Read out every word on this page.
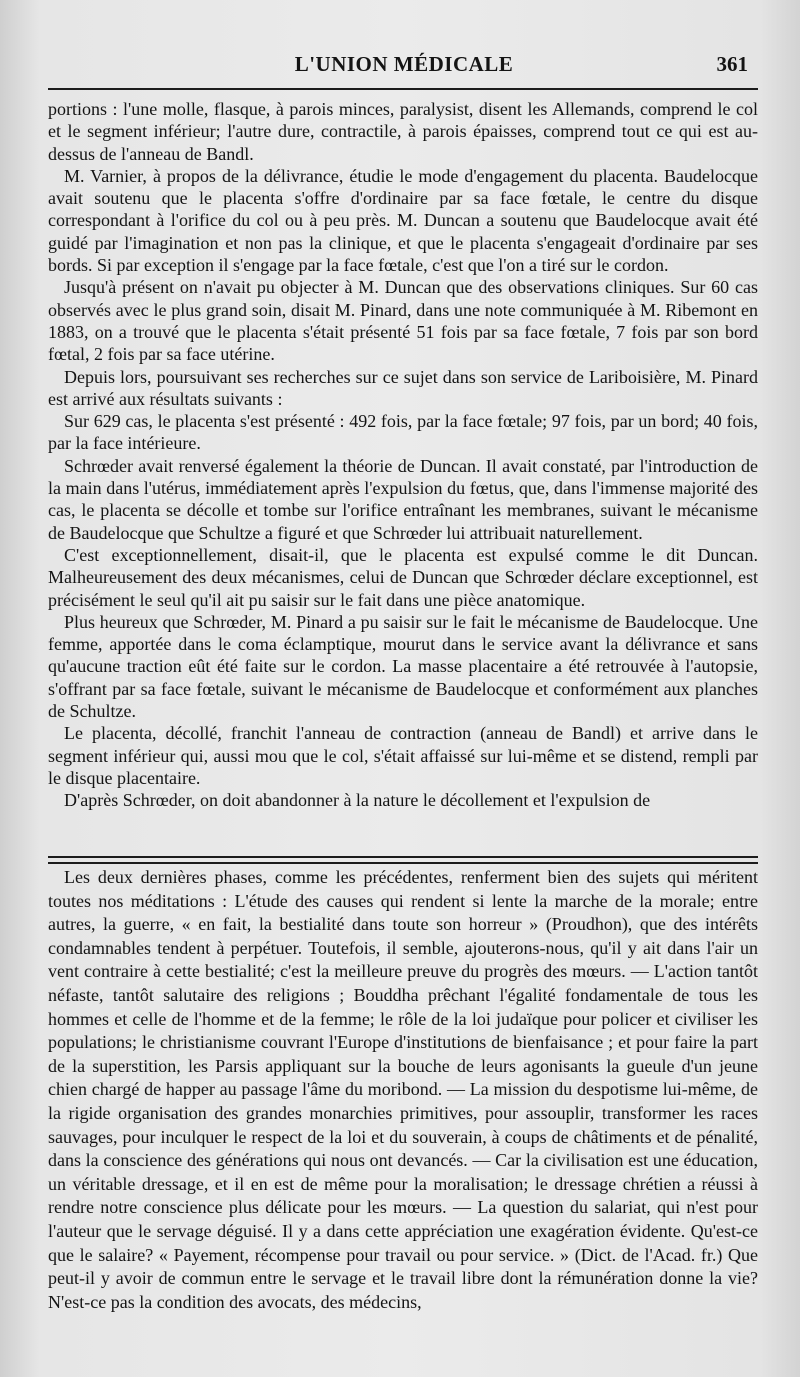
L'UNION MÉDICALE	361

portions : l'une molle, flasque, à parois minces, paralysist, disent les Allemands, comprend le col et le segment inférieur; l'autre dure, contractile, à parois épaisses, comprend tout ce qui est au-dessus de l'anneau de Bandl.

M. Varnier, à propos de la délivrance, étudie le mode d'engagement du placenta. Baudelocque avait soutenu que le placenta s'offre d'ordinaire par sa face fœtale, le centre du disque correspondant à l'orifice du col ou à peu près. M. Duncan a soutenu que Baudelocque avait été guidé par l'imagination et non pas la clinique, et que le placenta s'engageait d'ordinaire par ses bords. Si par exception il s'engage par la face fœtale, c'est que l'on a tiré sur le cordon.

Jusqu'à présent on n'avait pu objecter à M. Duncan que des observations cliniques. Sur 60 cas observés avec le plus grand soin, disait M. Pinard, dans une note communiquée à M. Ribemont en 1883, on a trouvé que le placenta s'était présenté 51 fois par sa face fœtale, 7 fois par son bord fœtal, 2 fois par sa face utérine.

Depuis lors, poursuivant ses recherches sur ce sujet dans son service de Lariboisière, M. Pinard est arrivé aux résultats suivants :

Sur 629 cas, le placenta s'est présenté : 492 fois, par la face fœtale; 97 fois, par un bord; 40 fois, par la face intérieure.

Schrœder avait renversé également la théorie de Duncan. Il avait constaté, par l'introduction de la main dans l'utérus, immédiatement après l'expulsion du fœtus, que, dans l'immense majorité des cas, le placenta se décolle et tombe sur l'orifice entraînant les membranes, suivant le mécanisme de Baudelocque que Schultze a figuré et que Schrœder lui attribuait naturellement.

C'est exceptionnellement, disait-il, que le placenta est expulsé comme le dit Duncan. Malheureusement des deux mécanismes, celui de Duncan que Schrœder déclare exceptionnel, est précisément le seul qu'il ait pu saisir sur le fait dans une pièce anatomique.

Plus heureux que Schrœder, M. Pinard a pu saisir sur le fait le mécanisme de Baudelocque. Une femme, apportée dans le coma éclamptique, mourut dans le service avant la délivrance et sans qu'aucune traction eût été faite sur le cordon. La masse placentaire a été retrouvée à l'autopsie, s'offrant par sa face fœtale, suivant le mécanisme de Baudelocque et conformément aux planches de Schultze.

Le placenta, décollé, franchit l'anneau de contraction (anneau de Bandl) et arrive dans le segment inférieur qui, aussi mou que le col, s'était affaissé sur lui-même et se distend, rempli par le disque placentaire.

D'après Schrœder, on doit abandonner à la nature le décollement et l'expulsion de

Les deux dernières phases, comme les précédentes, renferment bien des sujets qui méritent toutes nos méditations : L'étude des causes qui rendent si lente la marche de la morale; entre autres, la guerre, « en fait, la bestialité dans toute son horreur » (Proudhon), que des intérêts condamnables tendent à perpétuer. Toutefois, il semble, ajouterons-nous, qu'il y ait dans l'air un vent contraire à cette bestialité; c'est la meilleure preuve du progrès des mœurs. — L'action tantôt néfaste, tantôt salutaire des religions ; Bouddha prêchant l'égalité fondamentale de tous les hommes et celle de l'homme et de la femme; le rôle de la loi judaïque pour policer et civiliser les populations; le christianisme couvrant l'Europe d'institutions de bienfaisance ; et pour faire la part de la superstition, les Parsis appliquant sur la bouche de leurs agonisants la gueule d'un jeune chien chargé de happer au passage l'âme du moribond. — La mission du despotisme lui-même, de la rigide organisation des grandes monarchies primitives, pour assouplir, transformer les races sauvages, pour inculquer le respect de la loi et du souverain, à coups de châtiments et de pénalité, dans la conscience des générations qui nous ont devancés. — Car la civilisation est une éducation, un véritable dressage, et il en est de même pour la moralisation; le dressage chrétien a réussi à rendre notre conscience plus délicate pour les mœurs. — La question du salariat, qui n'est pour l'auteur que le servage déguisé. Il y a dans cette appréciation une exagération évidente. Qu'est-ce que le salaire? « Payement, récompense pour travail ou pour service. » (Dict. de l'Acad. fr.) Que peut-il y avoir de commun entre le servage et le travail libre dont la rémunération donne la vie? N'est-ce pas la condition des avocats, des médecins,
